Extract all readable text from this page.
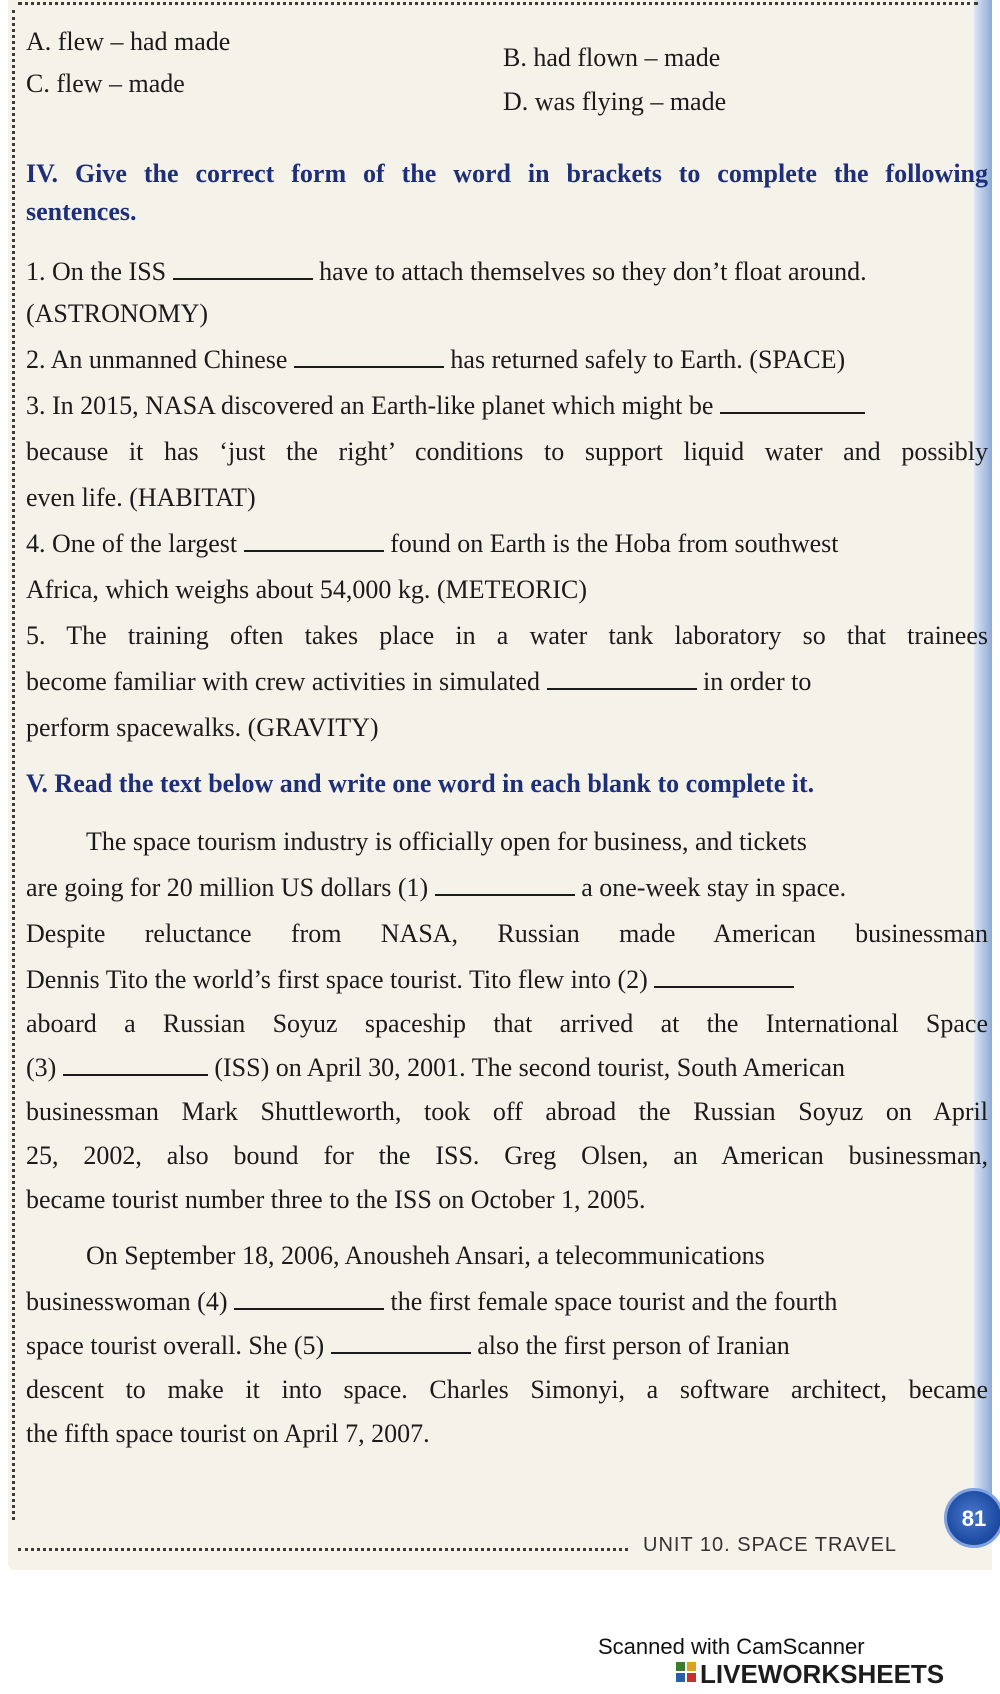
A. flew – had made
B. had flown – made
C. flew – made
D. was flying – made
IV. Give the correct form of the word in brackets to complete the following
sentences.
1. On the ISS	have to attach themselves so they don’t float around.
(ASTRONOMY)
2. An unmanned Chinese	has returned safely to Earth. (SPACE)
3. In 2015, NASA discovered an Earth-like planet which might be
because it has ‘just the right’ conditions to support liquid water and possibly
even life. (HABITAT)
4. One of the largest	found on Earth is the Hoba from southwest
Africa, which weighs about 54,000 kg. (METEORIC)
5. The training often takes place in a water tank laboratory so that trainees
become familiar with crew activities in simulated	in order to
perform spacewalks. (GRAVITY)
V. Read the text below and write one word in each blank to complete it.
The space tourism industry is officially open for business, and tickets
are going for 20 million US dollars (1)	a one-week stay in space.
Despite reluctance from NASA, Russian made American businessman
Dennis Tito the world’s first space tourist. Tito flew into (2)
aboard a Russian Soyuz spaceship that arrived at the International Space
(3)	(ISS) on April 30, 2001. The second tourist, South American
businessman Mark Shuttleworth, took off abroad the Russian Soyuz on April
25, 2002, also bound for the ISS. Greg Olsen, an American businessman,
became tourist number three to the ISS on October 1, 2005.
On September 18, 2006, Anousheh Ansari, a telecommunications
businesswoman (4)	the first female space tourist and the fourth
space tourist overall. She (5)	also the first person of Iranian
descent to make it into space. Charles Simonyi, a software architect, became
the fifth space tourist on April 7, 2007.
UNIT 10. SPACE TRAVEL
81
Scanned with CamScanner
LIVEWORKSHEETS
